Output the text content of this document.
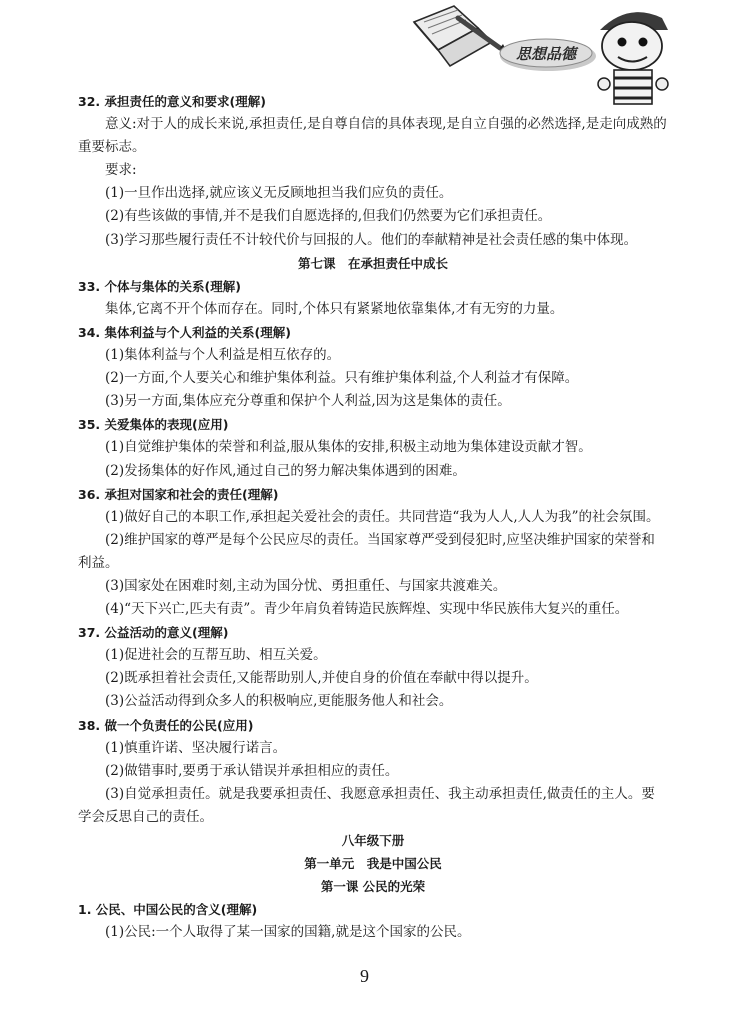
思想品德
32. 承担责任的意义和要求(理解)
意义:对于人的成长来说,承担责任,是自尊自信的具体表现,是自立自强的必然选择,是走向成熟的重要标志。
要求:
(1)一旦作出选择,就应该义无反顾地担当我们应负的责任。
(2)有些该做的事情,并不是我们自愿选择的,但我们仍然要为它们承担责任。
(3)学习那些履行责任不计较代价与回报的人。他们的奉献精神是社会责任感的集中体现。
第七课　在承担责任中成长
33. 个体与集体的关系(理解)
集体,它离不开个体而存在。同时,个体只有紧紧地依靠集体,才有无穷的力量。
34. 集体利益与个人利益的关系(理解)
(1)集体利益与个人利益是相互依存的。
(2)一方面,个人要关心和维护集体利益。只有维护集体利益,个人利益才有保障。
(3)另一方面,集体应充分尊重和保护个人利益,因为这是集体的责任。
35. 关爱集体的表现(应用)
(1)自觉维护集体的荣誉和利益,服从集体的安排,积极主动地为集体建设贡献才智。
(2)发扬集体的好作风,通过自己的努力解决集体遇到的困难。
36. 承担对国家和社会的责任(理解)
(1)做好自己的本职工作,承担起关爱社会的责任。共同营造“我为人人,人人为我”的社会氛围。
(2)维护国家的尊严是每个公民应尽的责任。当国家尊严受到侵犯时,应坚决维护国家的荣誉和利益。
(3)国家处在困难时刻,主动为国分忧、勇担重任、与国家共渡难关。
(4)“天下兴亡,匹夫有责”。青少年肩负着铸造民族辉煌、实现中华民族伟大复兴的重任。
37. 公益活动的意义(理解)
(1)促进社会的互帮互助、相互关爱。
(2)既承担着社会责任,又能帮助别人,并使自身的价值在奉献中得以提升。
(3)公益活动得到众多人的积极响应,更能服务他人和社会。
38. 做一个负责任的公民(应用)
(1)慎重许诺、坚决履行诺言。
(2)做错事时,要勇于承认错误并承担相应的责任。
(3)自觉承担责任。就是我要承担责任、我愿意承担责任、我主动承担责任,做责任的主人。要学会反思自己的责任。
八年级下册
第一单元　我是中国公民
第一课 公民的光荣
1. 公民、中国公民的含义(理解)
(1)公民:一个人取得了某一国家的国籍,就是这个国家的公民。
9
